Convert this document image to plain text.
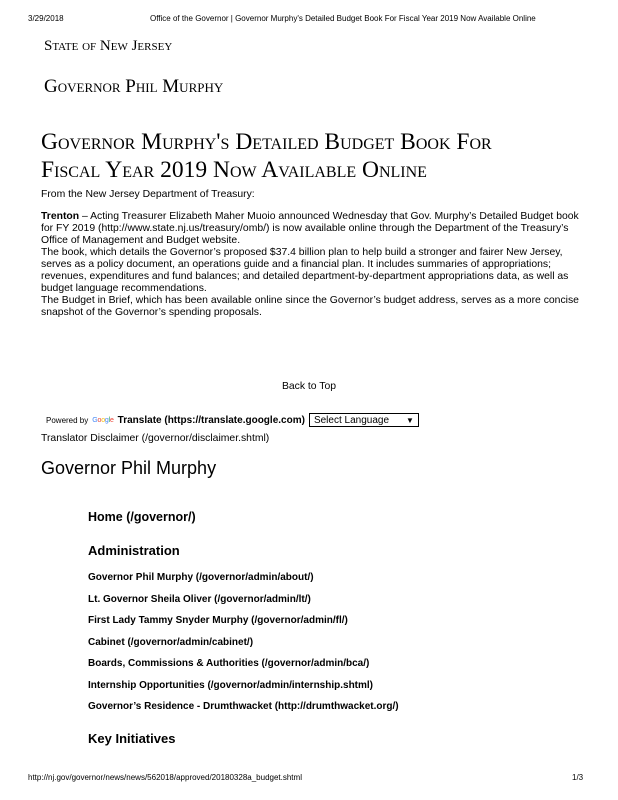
3/29/2018	Office of the Governor | Governor Murphy's Detailed Budget Book For Fiscal Year 2019 Now Available Online
State of New Jersey
Governor Phil Murphy
Governor Murphy's Detailed Budget Book For
Fiscal Year 2019 Now Available Online

From the New Jersey Department of Treasury:

Trenton – Acting Treasurer Elizabeth Maher Muoio announced Wednesday that Gov. Murphy’s Detailed Budget book for FY 2019 (http://www.state.nj.us/treasury/omb/) is now available online through the Department of the Treasury’s Office of Management and Budget website.

The book, which details the Governor’s proposed $37.4 billion plan to help build a stronger and fairer New Jersey, serves as a policy document, an operations guide and a financial plan. It includes summaries of appropriations; revenues, expenditures and fund balances; and detailed department-by-department appropriations data, as well as budget language recommendations.

The Budget in Brief, which has been available online since the Governor’s budget address, serves as a more concise snapshot of the Governor’s spending proposals.

Back to Top
Powered by Google Translate (https://translate.google.com) Select Language ▼
Translator Disclaimer (/governor/disclaimer.shtml)
Governor Phil Murphy
Home (/governor/)
Administration
Governor Phil Murphy (/governor/admin/about/)
Lt. Governor Sheila Oliver (/governor/admin/lt/)
First Lady Tammy Snyder Murphy (/governor/admin/fl/)
Cabinet (/governor/admin/cabinet/)
Boards, Commissions & Authorities (/governor/admin/bca/)
Internship Opportunities (/governor/admin/internship.shtml)
Governor’s Residence - Drumthwacket (http://drumthwacket.org/)
Key Initiatives
http://nj.gov/governor/news/news/562018/approved/20180328a_budget.shtml	1/3
